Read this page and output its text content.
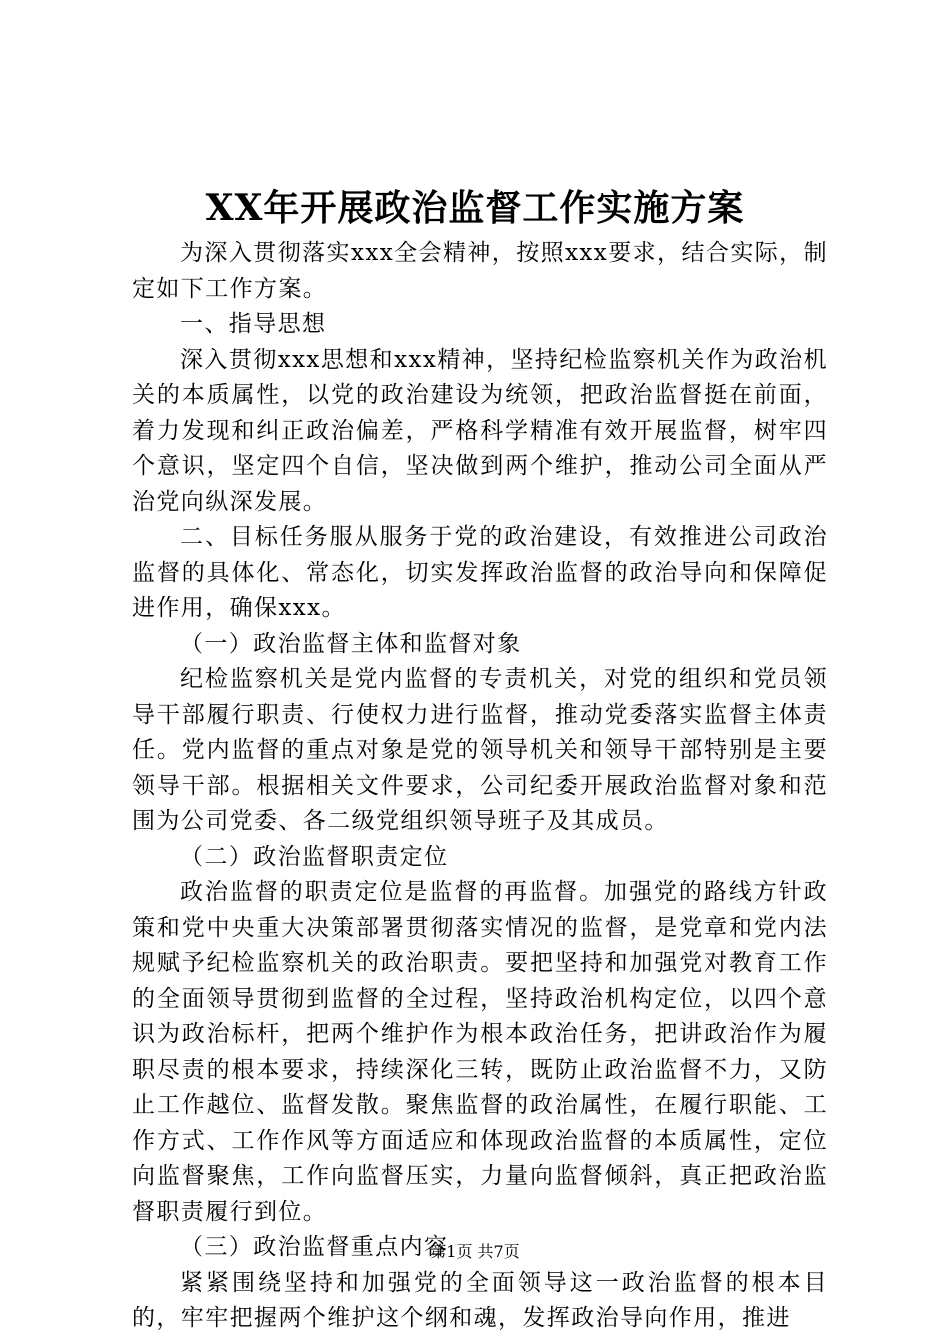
XX年开展政治监督工作实施方案

为深入贯彻落实xxx全会精神，按照xxx要求，结合实际，制定如下工作方案。

一、指导思想

深入贯彻xxx思想和xxx精神，坚持纪检监察机关作为政治机关的本质属性，以党的政治建设为统领，把政治监督挺在前面，着力发现和纠正政治偏差，严格科学精准有效开展监督，树牢四个意识，坚定四个自信，坚决做到两个维护，推动公司全面从严治党向纵深发展。

二、目标任务服从服务于党的政治建设，有效推进公司政治监督的具体化、常态化，切实发挥政治监督的政治导向和保障促进作用，确保xxx。

（一）政治监督主体和监督对象

纪检监察机关是党内监督的专责机关，对党的组织和党员领导干部履行职责、行使权力进行监督，推动党委落实监督主体责任。党内监督的重点对象是党的领导机关和领导干部特别是主要领导干部。根据相关文件要求，公司纪委开展政治监督对象和范围为公司党委、各二级党组织领导班子及其成员。

（二）政治监督职责定位

政治监督的职责定位是监督的再监督。加强党的路线方针政策和党中央重大决策部署贯彻落实情况的监督，是党章和党内法规赋予纪检监察机关的政治职责。要把坚持和加强党对教育工作的全面领导贯彻到监督的全过程，坚持政治机构定位，以四个意识为政治标杆，把两个维护作为根本政治任务，把讲政治作为履职尽责的根本要求，持续深化三转，既防止政治监督不力，又防止工作越位、监督发散。聚焦监督的政治属性，在履行职能、工作方式、工作作风等方面适应和体现政治监督的本质属性，定位向监督聚焦，工作向监督压实，力量向监督倾斜，真正把政治监督职责履行到位。

（三）政治监督重点内容

紧紧围绕坚持和加强党的全面领导这一政治监督的根本目的，牢牢把握两个维护这个纲和魂，发挥政治导向作用，推进

第1页 共7页
